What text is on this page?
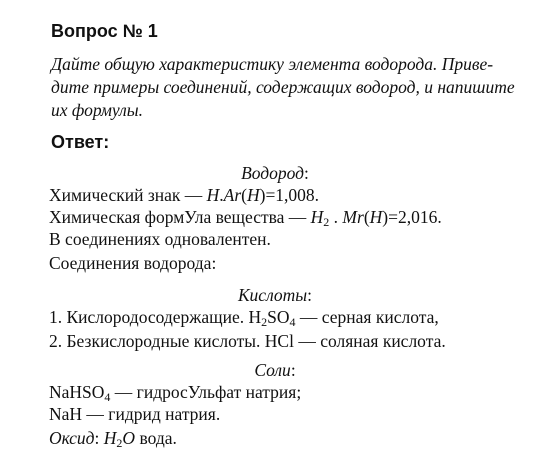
Вопрос № 1
Дайте общую характеристику элемента водорода. Приве-
дите примеры соединений, содержащих водород, и напишите
их формулы.
Ответ:
Водород:
Химический знак — H.Ar(H)=1,008.
Химическая формУла вещества — $H_2$ . Mr(H)=2,016.
В соединениях одновалентен.
Соединения водорода:
Кислоты:
1. Кислородосодержащие. $H_2SO_4$ — серная кислота,
2. Безкислородные кислоты. HCl — соляная кислота.
Соли:
NaHSO$_4$ — гидросУльфат натрия;
NaH — гидрид натрия.
Оксид: $H_2O$ вода.
